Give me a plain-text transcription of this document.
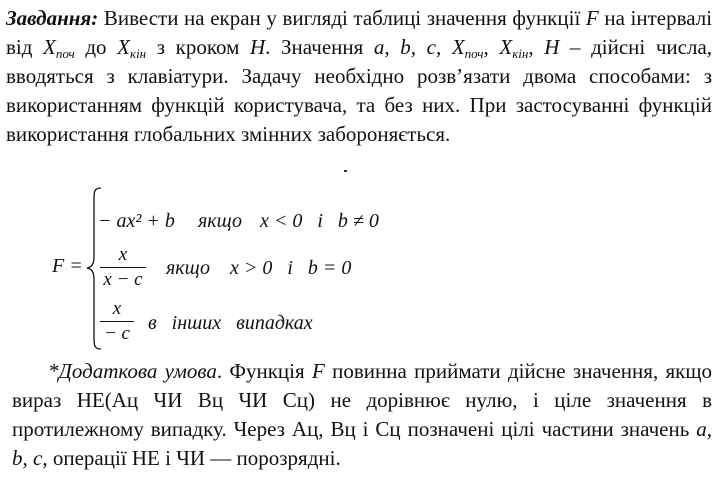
Завдання: Вивести на екран у вигляді таблиці значення функції F на інтервалі від $X_{поч}$ до $X_{кін}$ з кроком H. Значення a, b, c, $X_{поч}$, $X_{кін}$, H – дійсні числа, вводяться з клавіатури. Задачу необхідно розв’язати двома способами: з використанням функцій користувача, та без них. При застосуванні функцій використання глобальних змінних забороняється.
F =
− ax² + b якщо x < 0   і   b ≠ 0
$\frac{x}{x - c}$ якщо x > 0   і   b = 0
$\frac{x}{- c}$ в   інших   випадках
*Додаткова умова. Функція F повинна приймати дійсне значення, якщо вираз НЕ(Ац ЧИ Вц ЧИ Сц) не дорівнює нулю, і ціле значення в протилежному випадку. Через Ац, Вц і Сц позначені цілі частини значень a, b, c, операції НЕ і ЧИ — порозрядні.
